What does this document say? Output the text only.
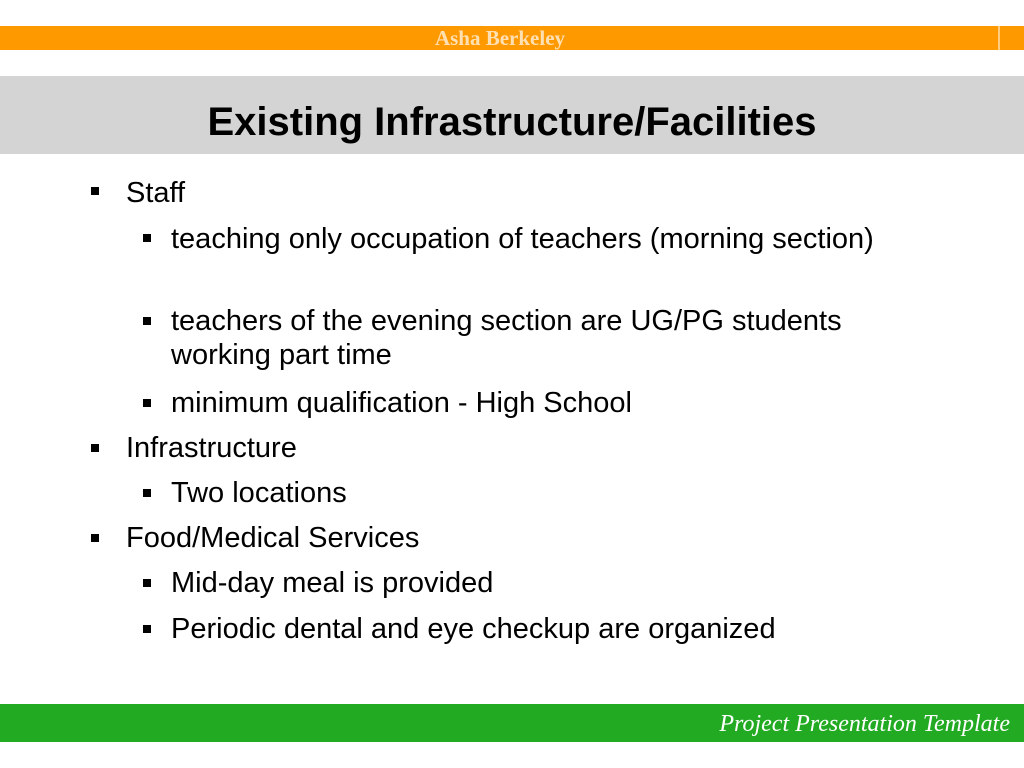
Asha Berkeley
Existing Infrastructure/Facilities
Staff
teaching only occupation of teachers (morning section)
teachers of the evening section are UG/PG students working part time
minimum qualification - High School
Infrastructure
Two locations
Food/Medical Services
Mid-day meal is provided
Periodic dental and eye checkup are organized
Project Presentation Template
